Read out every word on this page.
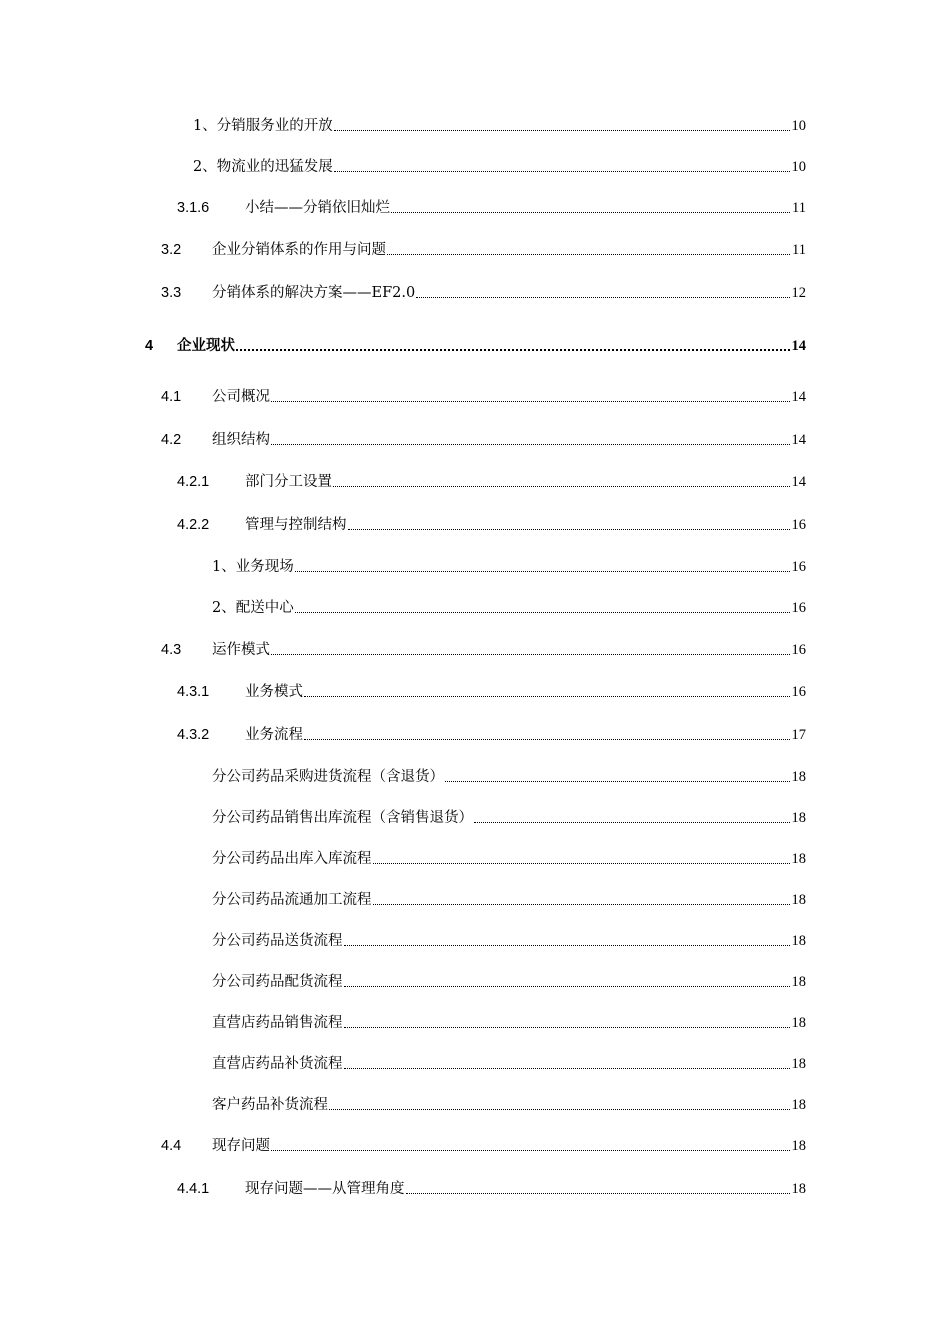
1、分销服务业的开放	10
2、物流业的迅猛发展	10
3.1.6 小结——分销依旧灿烂	11
3.2 企业分销体系的作用与问题	11
3.3 分销体系的解决方案——EF2.0	12
4 企业现状	14
4.1 公司概况	14
4.2 组织结构	14
4.2.1 部门分工设置	14
4.2.2 管理与控制结构	16
1、业务现场	16
2、配送中心	16
4.3 运作模式	16
4.3.1 业务模式	16
4.3.2 业务流程	17
分公司药品采购进货流程（含退货）	18
分公司药品销售出库流程（含销售退货）	18
分公司药品出库入库流程	18
分公司药品流通加工流程	18
分公司药品送货流程	18
分公司药品配货流程	18
直营店药品销售流程	18
直营店药品补货流程	18
客户药品补货流程	18
4.4 现存问题	18
4.4.1 现存问题——从管理角度	18
